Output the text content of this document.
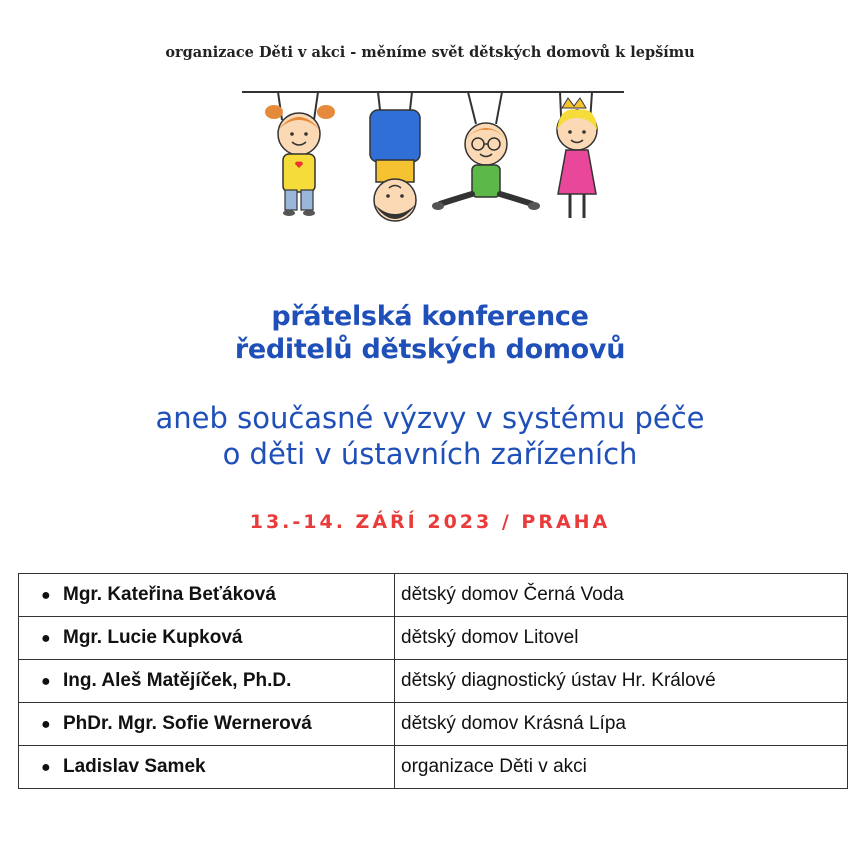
organizace Děti v akci - měníme svět dětských domovů k lepšímu
přátelská konference
ředitelů dětských domovů
aneb současné výzvy v systému péče
o děti v ústavních zařízeních
13.-14. ZÁŘÍ 2023 / PRAHA
● Mgr. Kateřina Beťáková	dětský domov Černá Voda
● Mgr. Lucie Kupková	dětský domov Litovel
● Ing. Aleš Matějíček, Ph.D.	dětský diagnostický ústav Hr. Králové
● PhDr. Mgr. Sofie Wernerová	dětský domov Krásná Lípa
● Ladislav Samek	organizace Děti v akci
